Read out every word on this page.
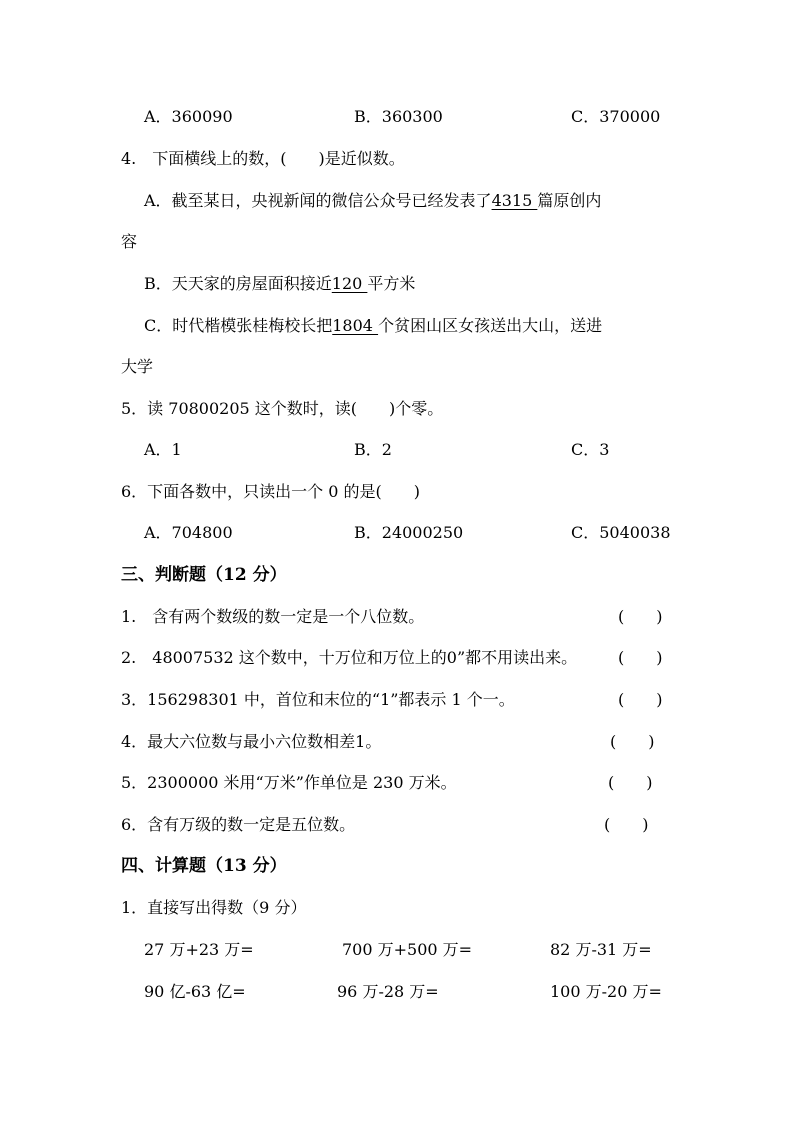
A．360090	B．360300	C．370000
4.　下面横线上的数，(　　)是近似数。
A．截至某日，央视新闻的微信公众号已经发表了4315 篇原创内
容
B．天天家的房屋面积接近120 平方米
C．时代楷模张桂梅校长把1804 个贫困山区女孩送出大山，送进
大学
5．读 70800205 这个数时，读(　　)个零。
A．1	B．2	C．3
6．下面各数中，只读出一个 0 的是(　　)
A．704800	B．24000250	C．5040038
三、判断题（12 分）
1.　含有两个数级的数一定是一个八位数。	(　　)
2.　48007532 这个数中，十万位和万位上的0”都不用读出来。	(　　)
3．156298301 中，首位和末位的“1”都表示 1 个一。	(　　)
4．最大六位数与最小六位数相差1。	(　　)
5．2300000 米用“万米”作单位是 230 万米。	(　　)
6．含有万级的数一定是五位数。	(　　)
四、计算题（13 分）
1．直接写出得数（9 分）
27 万+23 万=	700 万+500 万=	82 万-31 万=
90 亿-63 亿=	96 万-28 万=	100 万-20 万=
